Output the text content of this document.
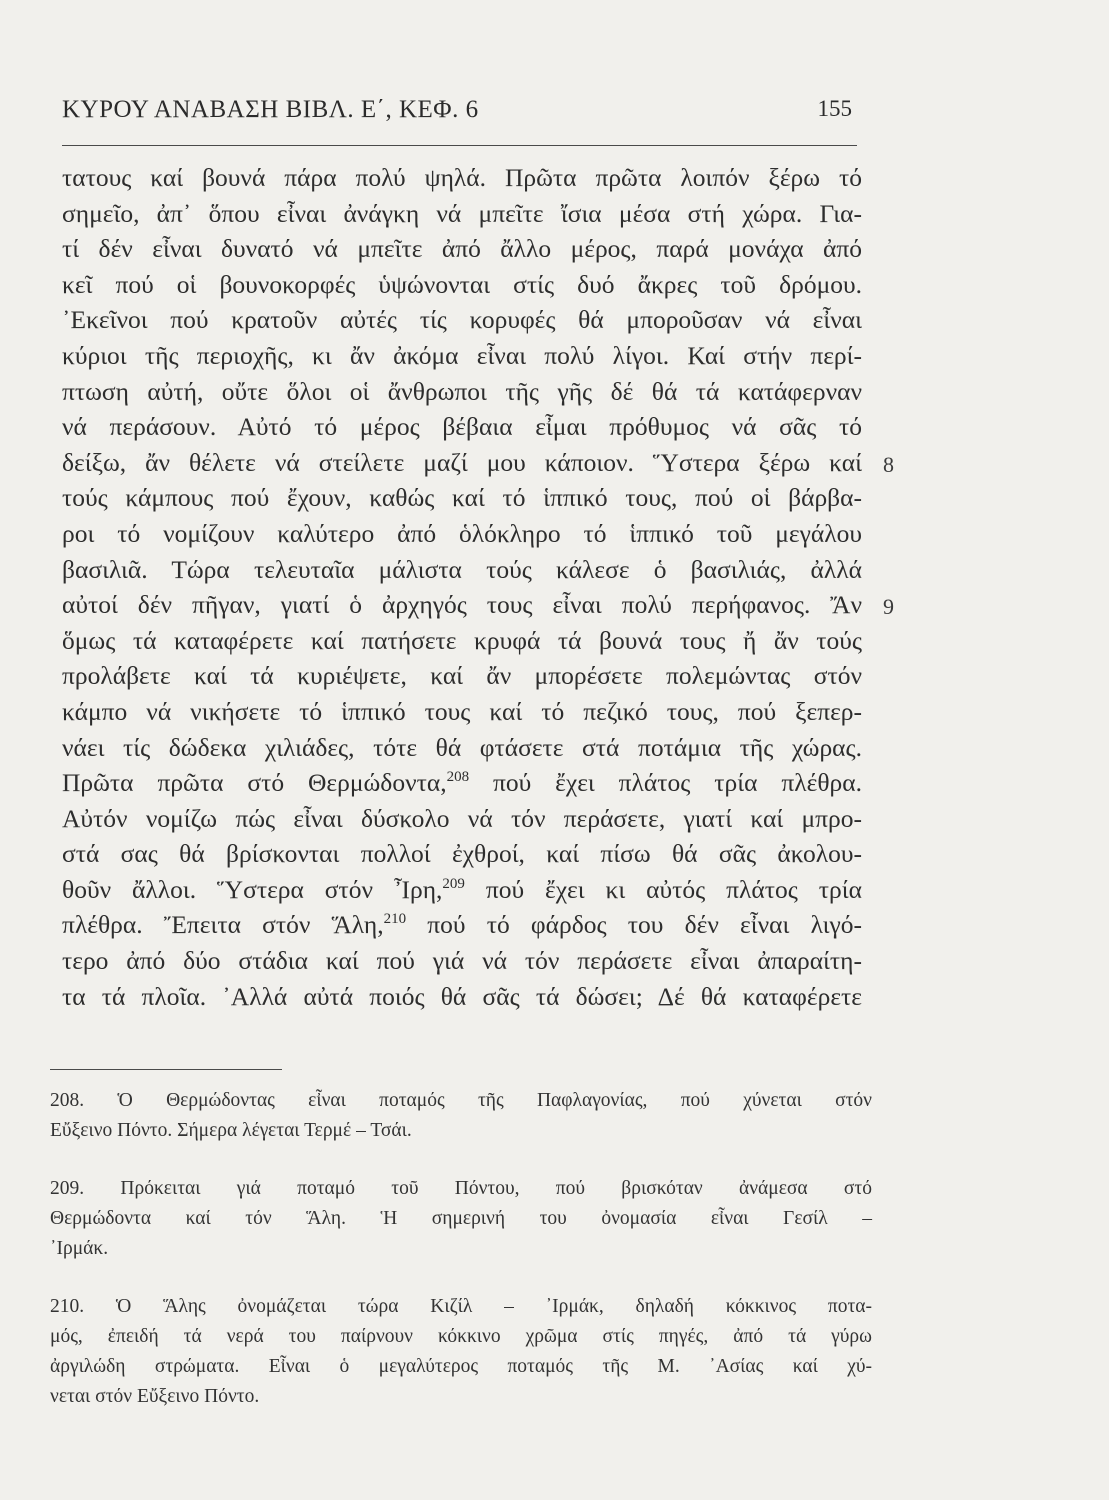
ΚΥΡΟΥ ΑΝΑΒΑΣΗ ΒΙΒΛ. Ε΄, ΚΕΦ. 6	155
τατους καί βουνά πάρα πολύ ψηλά. Πρῶτα πρῶτα λοιπόν ξέρω τό
σημεῖο, ἀπ᾽ ὅπου εἶναι ἀνάγκη νά μπεῖτε ἴσια μέσα στή χώρα. Για-
τί δέν εἶναι δυνατό νά μπεῖτε ἀπό ἄλλο μέρος, παρά μονάχα ἀπό
κεῖ πού οἱ βουνοκορφές ὑψώνονται στίς δυό ἄκρες τοῦ δρόμου.
᾽Εκεῖνοι πού κρατοῦν αὐτές τίς κορυφές θά μποροῦσαν νά εἶναι
κύριοι τῆς περιοχῆς, κι ἄν ἀκόμα εἶναι πολύ λίγοι. Καί στήν περί-
πτωση αὐτή, οὔτε ὅλοι οἱ ἄνθρωποι τῆς γῆς δέ θά τά κατάφερναν
νά περάσουν. Αὐτό τό μέρος βέβαια εἶμαι πρόθυμος νά σᾶς τό
δείξω, ἄν θέλετε νά στείλετε μαζί μου κάποιον. Ὕστερα ξέρω καί
τούς κάμπους πού ἔχουν, καθώς καί τό ἱππικό τους, πού οἱ βάρβα-
ροι τό νομίζουν καλύτερο ἀπό ὁλόκληρο τό ἱππικό τοῦ μεγάλου
βασιλιᾶ. Τώρα τελευταῖα μάλιστα τούς κάλεσε ὁ βασιλιάς, ἀλλά
αὐτοί δέν πῆγαν, γιατί ὁ ἀρχηγός τους εἶναι πολύ περήφανος. Ἄν
ὅμως τά καταφέρετε καί πατήσετε κρυφά τά βουνά τους ἤ ἄν τούς
προλάβετε καί τά κυριέψετε, καί ἄν μπορέσετε πολεμώντας στόν
κάμπο νά νικήσετε τό ἱππικό τους καί τό πεζικό τους, πού ξεπερ-
νάει τίς δώδεκα χιλιάδες, τότε θά φτάσετε στά ποτάμια τῆς χώρας.
Πρῶτα πρῶτα στό Θερμώδοντα,$^{208}$ πού ἔχει πλάτος τρία πλέθρα.
Αὐτόν νομίζω πώς εἶναι δύσκολο νά τόν περάσετε, γιατί καί μπρο-
στά σας θά βρίσκονται πολλοί ἐχθροί, καί πίσω θά σᾶς ἀκολου-
θοῦν ἄλλοι. Ὕστερα στόν Ἶρη,$^{209}$ πού ἔχει κι αὐτός πλάτος τρία
πλέθρα. Ἔπειτα στόν Ἅλη,$^{210}$ πού τό φάρδος του δέν εἶναι λιγό-
τερο ἀπό δύο στάδια καί πού γιά νά τόν περάσετε εἶναι ἀπαραίτη-
τα τά πλοῖα. ᾽Αλλά αὐτά ποιός θά σᾶς τά δώσει; Δέ θά καταφέρετε
8
9
208. Ὁ Θερμώδοντας εἶναι ποταμός τῆς Παφλαγονίας, πού χύνεται στόν
Εὔξεινο Πόντο. Σήμερα λέγεται Τερμέ – Τσάι.
209. Πρόκειται γιά ποταμό τοῦ Πόντου, πού βρισκόταν ἀνάμεσα στό
Θερμώδοντα καί τόν Ἅλη. Ἡ σημερινή του ὀνομασία εἶναι Γεσίλ –
᾽Ιρμάκ.
210. Ὁ Ἅλης ὀνομάζεται τώρα Κιζίλ – ᾽Ιρμάκ, δηλαδή κόκκινος ποτα-
μός, ἐπειδή τά νερά του παίρνουν κόκκινο χρῶμα στίς πηγές, ἀπό τά γύρω
ἀργιλώδη στρώματα. Εἶναι ὁ μεγαλύτερος ποταμός τῆς Μ. ᾽Ασίας καί χύ-
νεται στόν Εὔξεινο Πόντο.
